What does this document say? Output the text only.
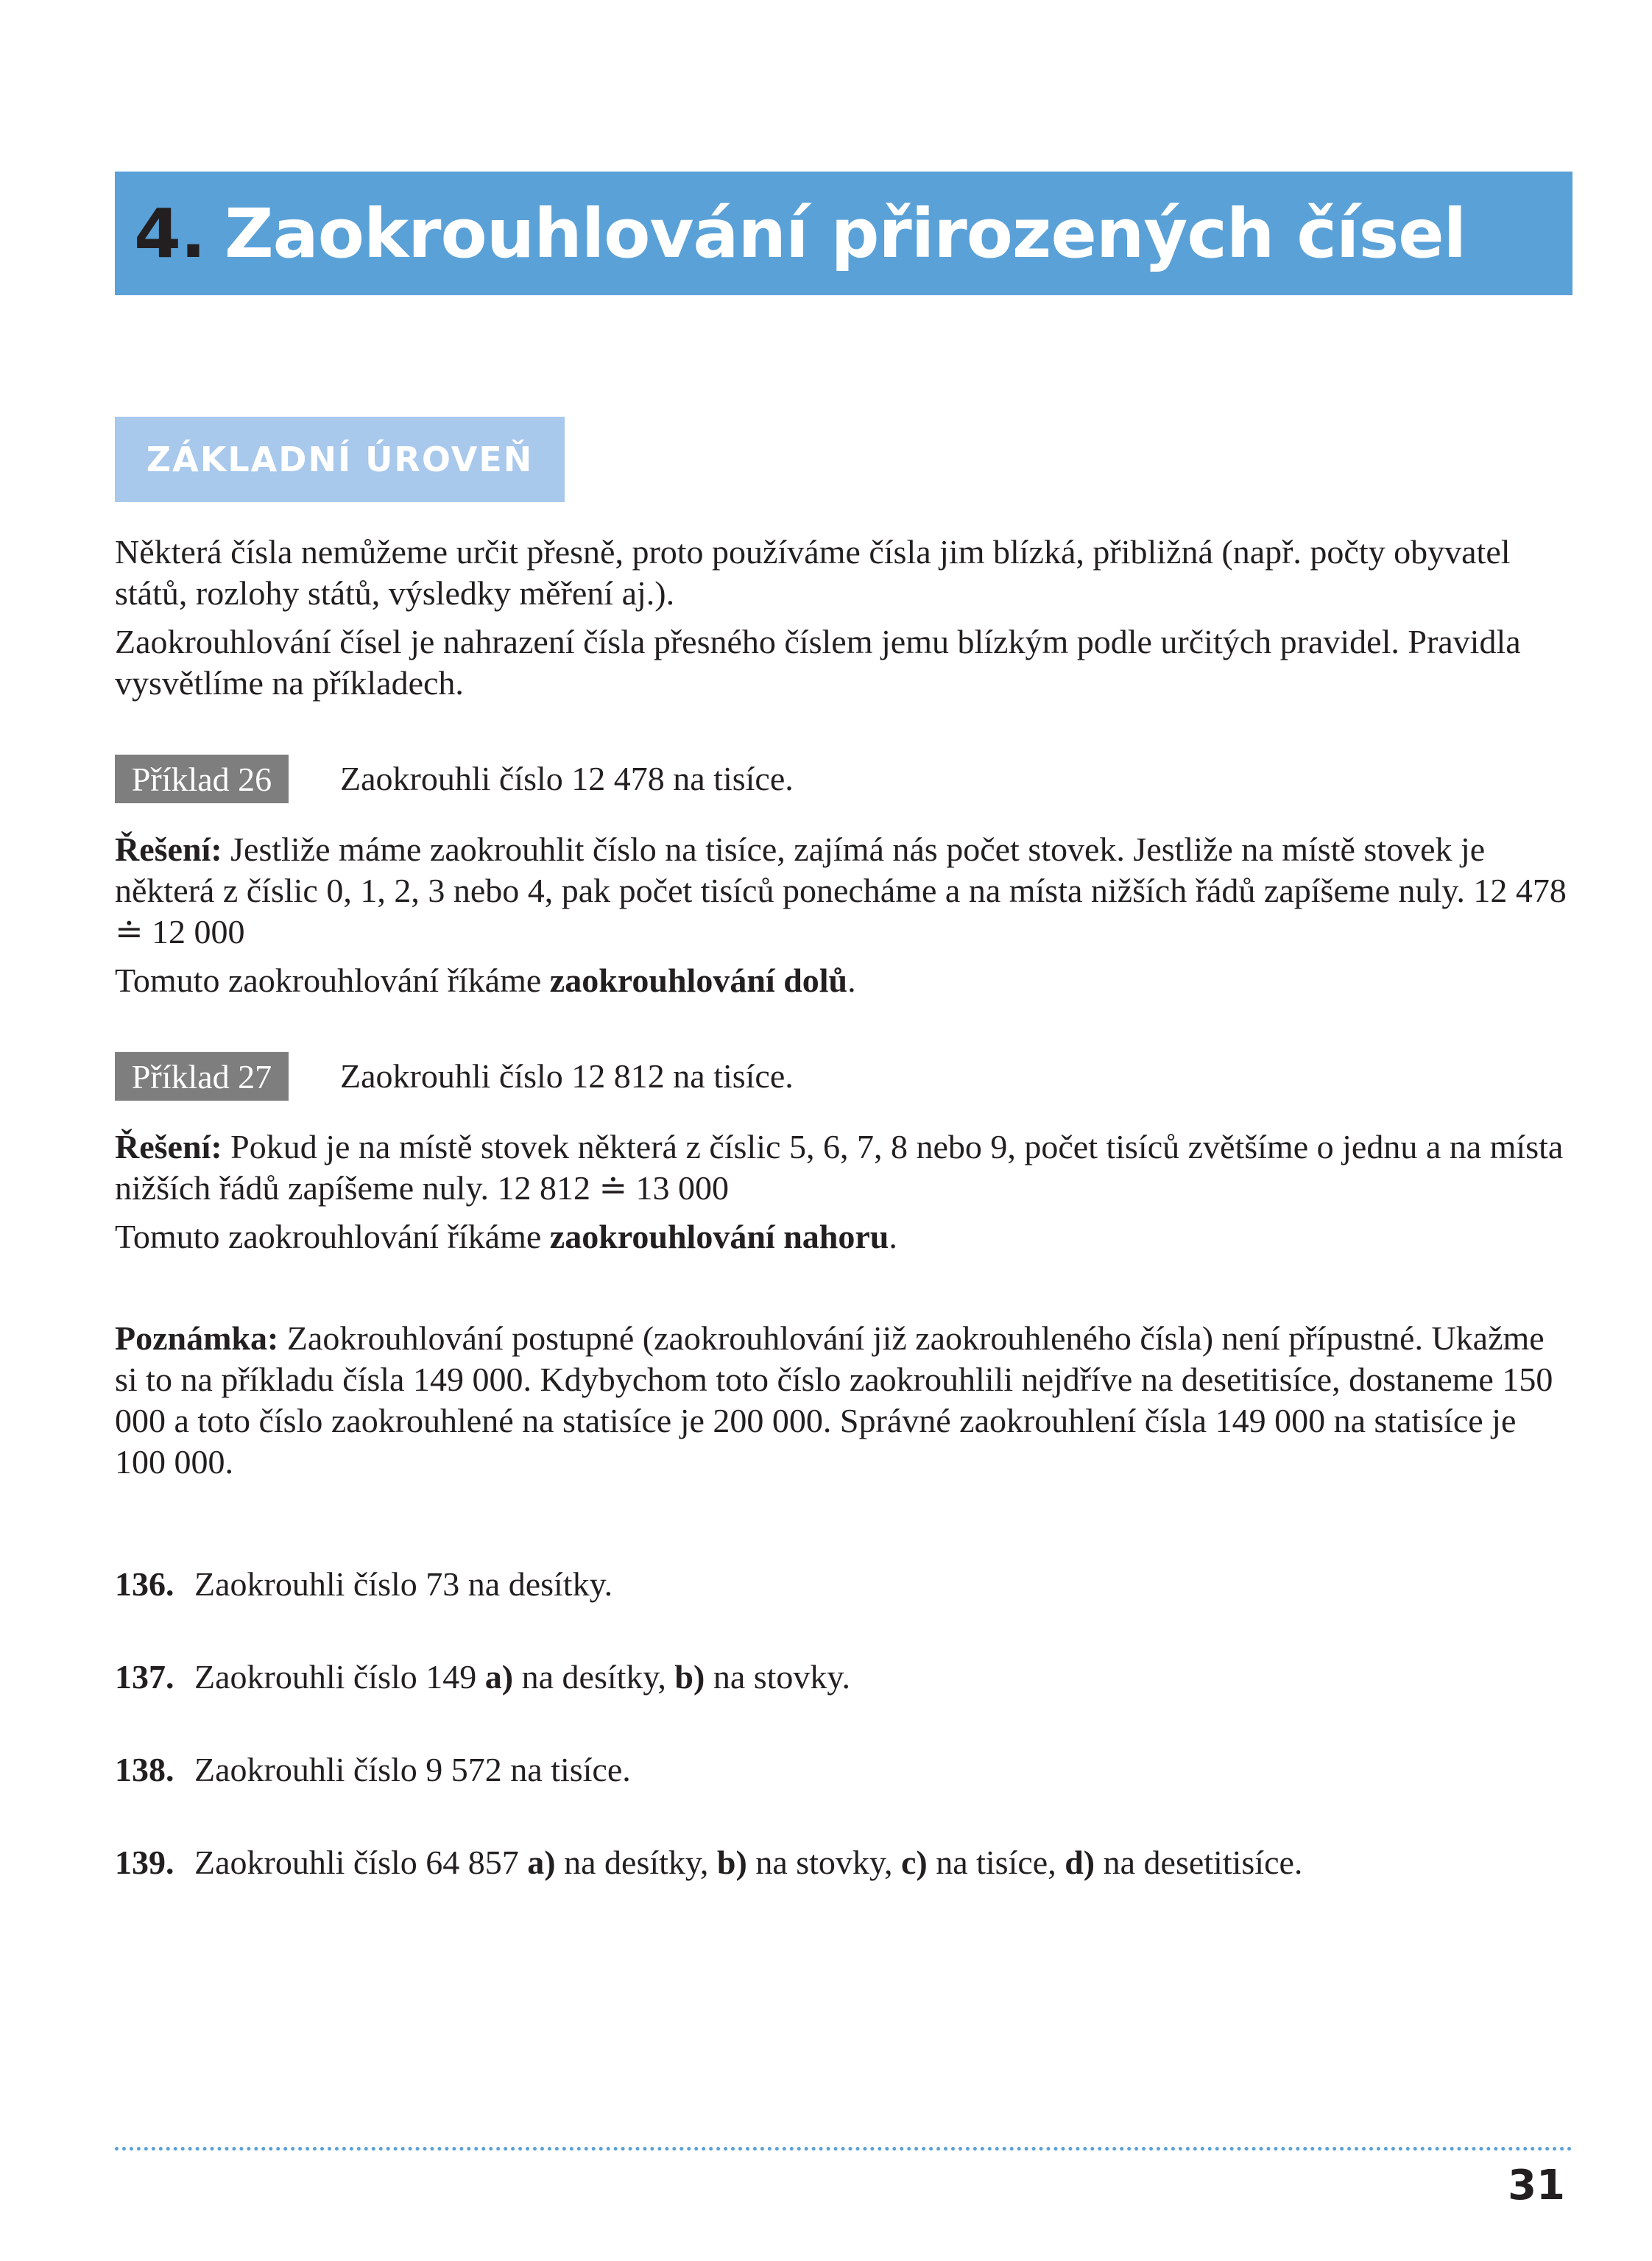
4. Zaokrouhlování přirozených čísel
ZÁKLADNÍ ÚROVEŇ

Některá čísla nemůžeme určit přesně, proto používáme čísla jim blízká, přibližná (např. počty obyvatel států, rozlohy států, výsledky měření aj.).

Zaokrouhlování čísel je nahrazení čísla přesného číslem jemu blízkým podle určitých pravidel. Pravidla vysvětlíme na příkladech.

Příklad 26	Zaokrouhli číslo 12 478 na tisíce.

Řešení: Jestliže máme zaokrouhlit číslo na tisíce, zajímá nás počet stovek. Jestliže na místě stovek je některá z číslic 0, 1, 2, 3 nebo 4, pak počet tisíců ponecháme a na místa nižších řádů zapíšeme nuly. 12 478 ≐ 12 000

Tomuto zaokrouhlování říkáme zaokrouhlování dolů.

Příklad 27	Zaokrouhli číslo 12 812 na tisíce.

Řešení: Pokud je na místě stovek některá z číslic 5, 6, 7, 8 nebo 9, počet tisíců zvětšíme o jednu a na místa nižších řádů zapíšeme nuly. 12 812 ≐ 13 000

Tomuto zaokrouhlování říkáme zaokrouhlování nahoru.

Poznámka: Zaokrouhlování postupné (zaokrouhlování již zaokrouhleného čísla) není přípustné. Ukažme si to na příkladu čísla 149 000. Kdybychom toto číslo zaokrouhlili nejdříve na desetitisíce, dostaneme 150 000 a toto číslo zaokrouhlené na statisíce je 200 000. Správné zaokrouhlení čísla 149 000 na statisíce je 100 000.

136. Zaokrouhli číslo 73 na desítky.
137. Zaokrouhli číslo 149 a) na desítky, b) na stovky.
138. Zaokrouhli číslo 9 572 na tisíce.
139. Zaokrouhli číslo 64 857 a) na desítky, b) na stovky, c) na tisíce, d) na desetitisíce.
31
